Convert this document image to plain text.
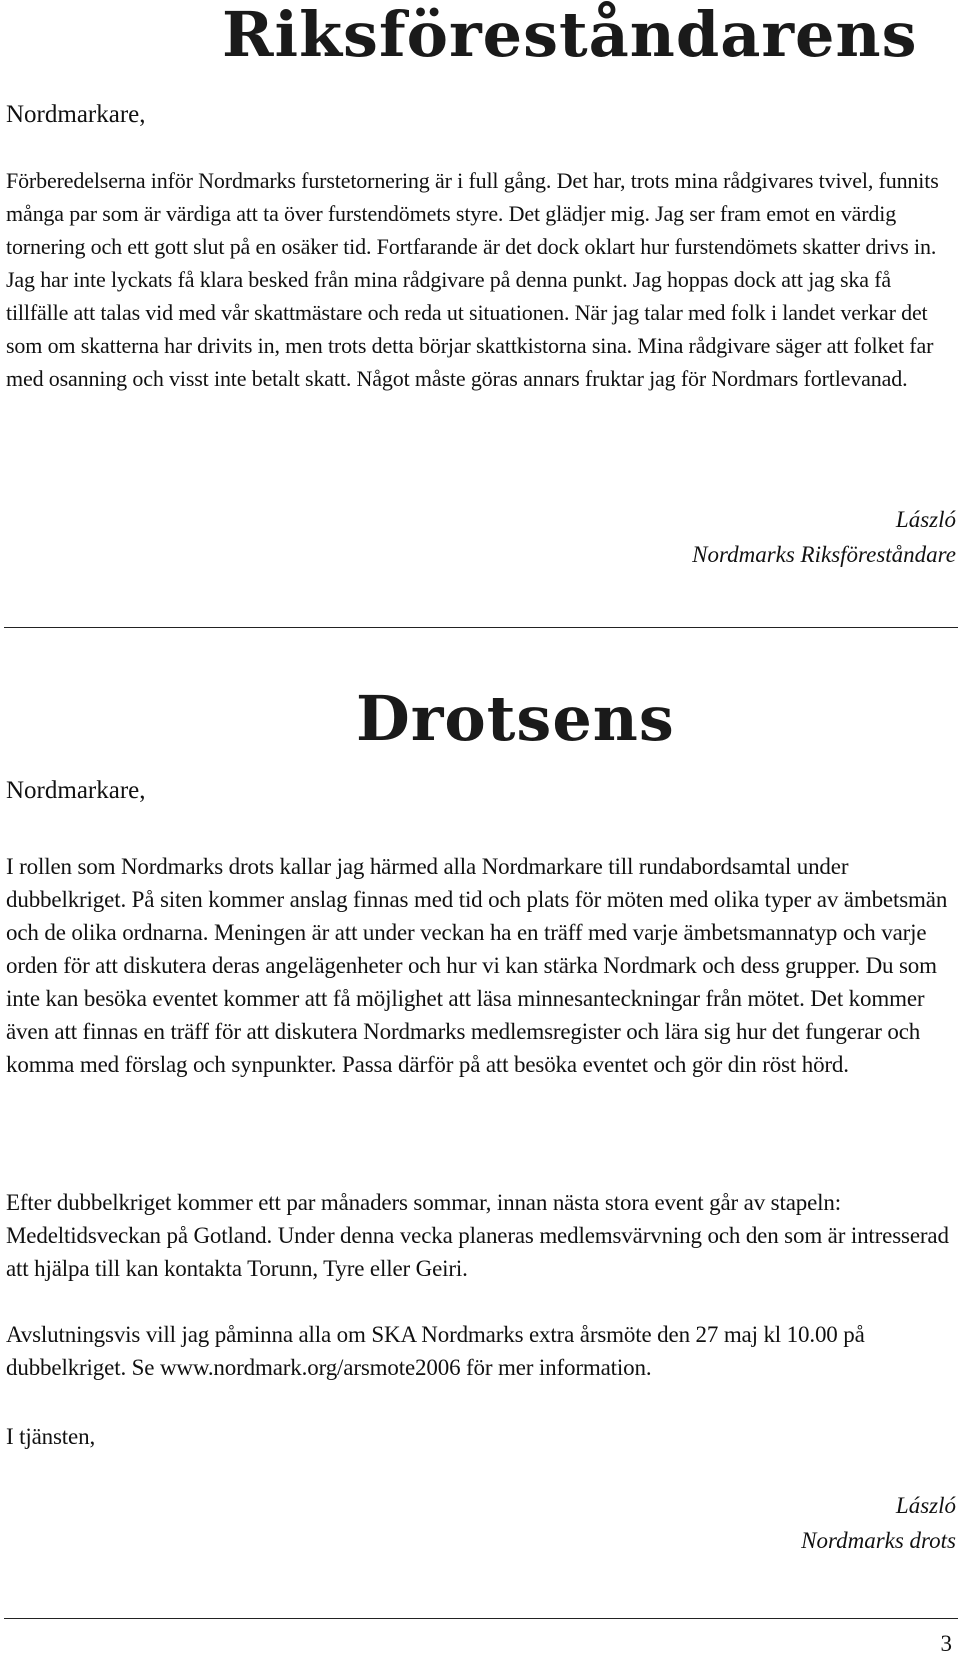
Riksföreståndarens
Nordmarkare,

Förberedelserna inför Nordmarks furstetornering är i full gång. Det har, trots mina rådgivares tvivel, funnits många par som är värdiga att ta över furstendömets styre. Det glädjer mig. Jag ser fram emot en värdig tornering och ett gott slut på en osäker tid. Fortfarande är det dock oklart hur furstendömets skatter drivs in. Jag har inte lyckats få klara besked från mina rådgivare på denna punkt. Jag hoppas dock att jag ska få tillfälle att talas vid med vår skattmästare och reda ut situationen. När jag talar med folk i landet verkar det som om skatterna har drivits in, men trots detta börjar skattkistorna sina. Mina rådgivare säger att folket far med osanning och visst inte betalt skatt. Något måste göras annars fruktar jag för Nordmars fortlevanad.

László
Nordmarks Riksföreståndare
Drotsens
Nordmarkare,

I rollen som Nordmarks drots kallar jag härmed alla Nordmarkare till rundabordsamtal under dubbelkriget. På siten kommer anslag finnas med tid och plats för möten med olika typer av ämbetsmän och de olika ordnarna. Meningen är att under veckan ha en träff med varje ämbetsmannatyp och varje orden för att diskutera deras angelägenheter och hur vi kan stärka Nordmark och dess grupper. Du som inte kan besöka eventet kommer att få möjlighet att läsa minnesanteckningar från mötet. Det kommer även att finnas en träff för att diskutera Nordmarks medlemsregister och lära sig hur det fungerar och komma med förslag och synpunkter. Passa därför på att besöka eventet och gör din röst hörd.

Efter dubbelkriget kommer ett par månaders sommar, innan nästa stora event går av stapeln: Medeltidsveckan på Gotland. Under denna vecka planeras medlemsvärvning och den som är intresserad att hjälpa till kan kontakta Torunn, Tyre eller Geiri.

Avslutningsvis vill jag påminna alla om SKA Nordmarks extra årsmöte den 27 maj kl 10.00 på dubbelkriget. Se www.nordmark.org/arsmote2006 för mer information.

I tjänsten,

László
Nordmarks drots
3
